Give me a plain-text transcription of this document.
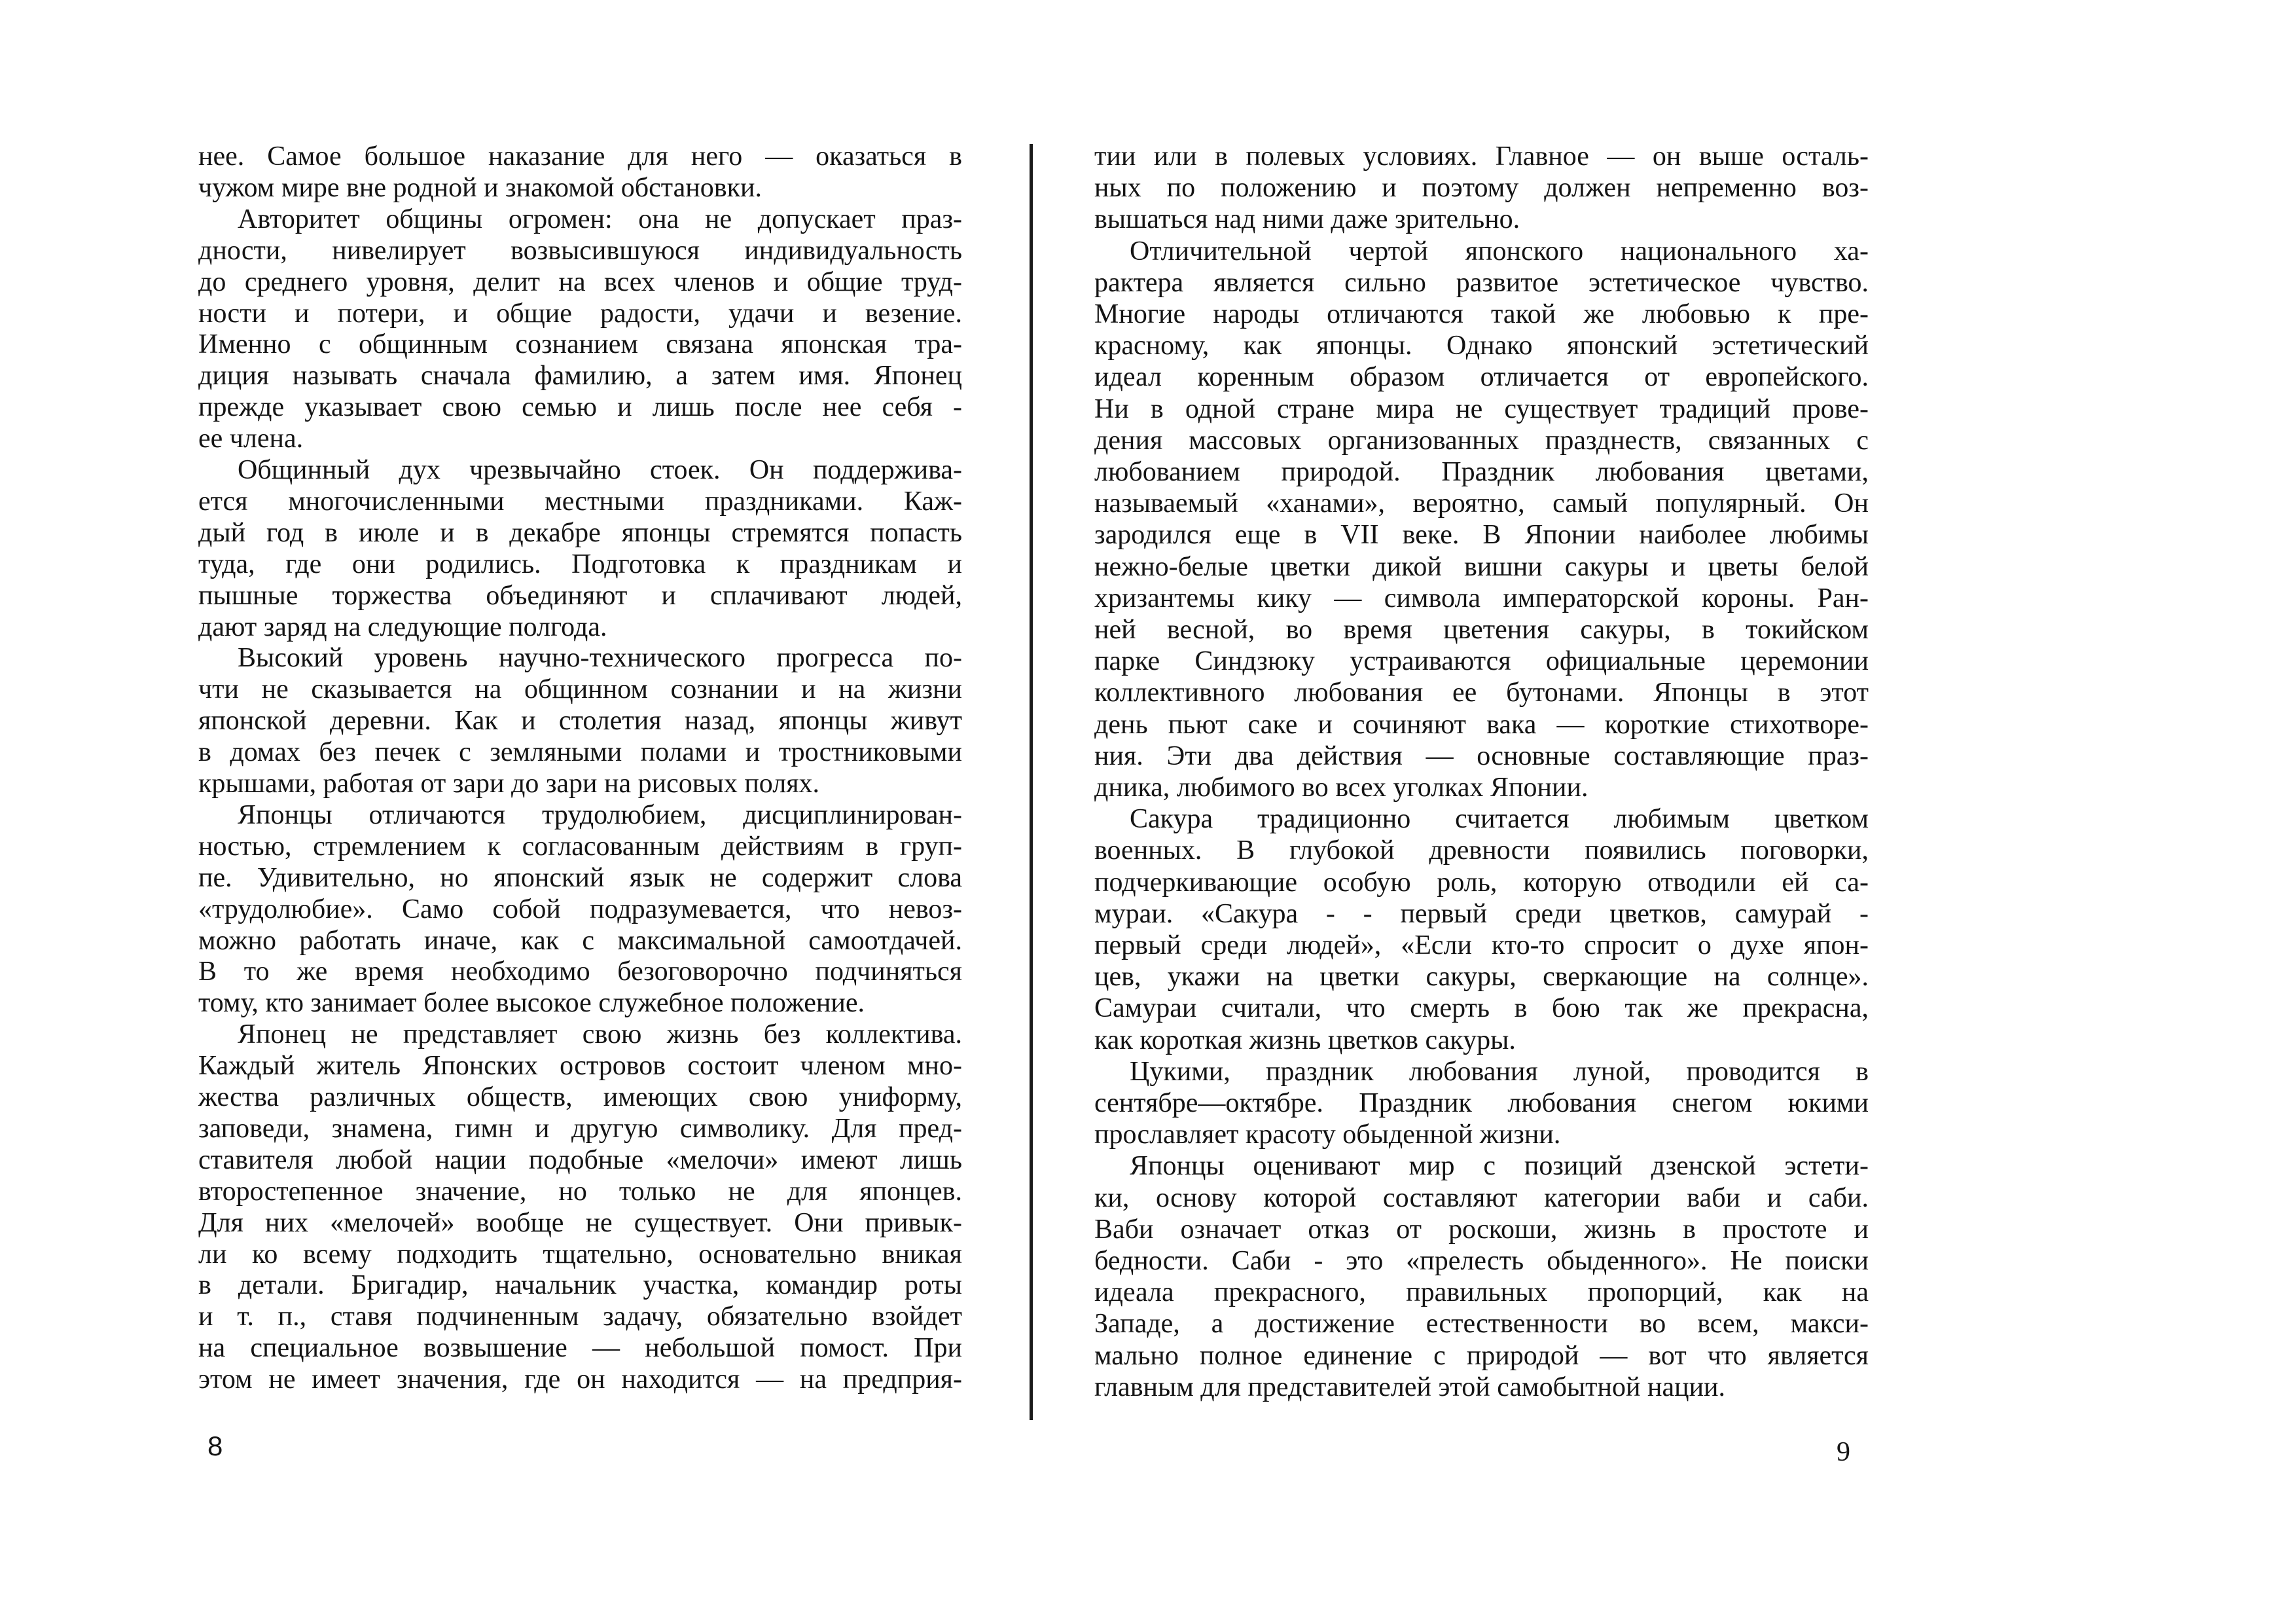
нее. Самое большое наказание для него — оказаться в
чужом мире вне родной и знакомой обстановки.
Авторитет общины огромен: она не допускает праз-
дности, нивелирует возвысившуюся индивидуальность
до среднего уровня, делит на всех членов и общие труд-
ности и потери, и общие радости, удачи и везение.
Именно с общинным сознанием связана японская тра-
диция называть сначала фамилию, а затем имя. Японец
прежде указывает свою семью и лишь после нее себя -
ее члена.
Общинный дух чрезвычайно стоек. Он поддержива-
ется многочисленными местными праздниками. Каж-
дый год в июле и в декабре японцы стремятся попасть
туда, где они родились. Подготовка к праздникам и
пышные торжества объединяют и сплачивают людей,
дают заряд на следующие полгода.
Высокий уровень научно-технического прогресса по-
чти не сказывается на общинном сознании и на жизни
японской деревни. Как и столетия назад, японцы живут
в домах без печек с земляными полами и тростниковыми
крышами, работая от зари до зари на рисовых полях.
Японцы отличаются трудолюбием, дисциплинирован-
ностью, стремлением к согласованным действиям в груп-
пе. Удивительно, но японский язык не содержит слова
«трудолюбие». Само собой подразумевается, что невоз-
можно работать иначе, как с максимальной самоотдачей.
В то же время необходимо безоговорочно подчиняться
тому, кто занимает более высокое служебное положение.
Японец не представляет свою жизнь без коллектива.
Каждый житель Японских островов состоит членом мно-
жества различных обществ, имеющих свою униформу,
заповеди, знамена, гимн и другую символику. Для пред-
ставителя любой нации подобные «мелочи» имеют лишь
второстепенное значение, но только не для японцев.
Для них «мелочей» вообще не существует. Они привык-
ли ко всему подходить тщательно, основательно вникая
в детали. Бригадир, начальник участка, командир роты
и т. п., ставя подчиненным задачу, обязательно взойдет
на специальное возвышение — небольшой помост. При
этом не имеет значения, где он находится — на предприя-
тии или в полевых условиях. Главное — он выше осталь-
ных по положению и поэтому должен непременно воз-
вышаться над ними даже зрительно.
Отличительной чертой японского национального ха-
рактера является сильно развитое эстетическое чувство.
Многие народы отличаются такой же любовью к пре-
красному, как японцы. Однако японский эстетический
идеал коренным образом отличается от европейского.
Ни в одной стране мира не существует традиций прове-
дения массовых организованных празднеств, связанных с
любованием природой. Праздник любования цветами,
называемый «ханами», вероятно, самый популярный. Он
зародился еще в VII веке. В Японии наиболее любимы
нежно-белые цветки дикой вишни сакуры и цветы белой
хризантемы кику — символа императорской короны. Ран-
ней весной, во время цветения сакуры, в токийском
парке Синдзюку устраиваются официальные церемонии
коллективного любования ее бутонами. Японцы в этот
день пьют саке и сочиняют вака — короткие стихотворе-
ния. Эти два действия — основные составляющие праз-
дника, любимого во всех уголках Японии.
Сакура традиционно считается любимым цветком
военных. В глубокой древности появились поговорки,
подчеркивающие особую роль, которую отводили ей са-
мураи. «Сакура - - первый среди цветков, самурай -
первый среди людей», «Если кто-то спросит о духе япон-
цев, укажи на цветки сакуры, сверкающие на солнце».
Самураи считали, что смерть в бою так же прекрасна,
как короткая жизнь цветков сакуры.
Цукими, праздник любования луной, проводится в
сентябре—октябре. Праздник любования снегом юкими
прославляет красоту обыденной жизни.
Японцы оценивают мир с позиций дзенской эстети-
ки, основу которой составляют категории ваби и саби.
Ваби означает отказ от роскоши, жизнь в простоте и
бедности. Саби - это «прелесть обыденного». Не поиски
идеала прекрасного, правильных пропорций, как на
Западе, а достижение естественности во всем, макси-
мально полное единение с природой — вот что является
главным для представителей этой самобытной нации.
8	9
